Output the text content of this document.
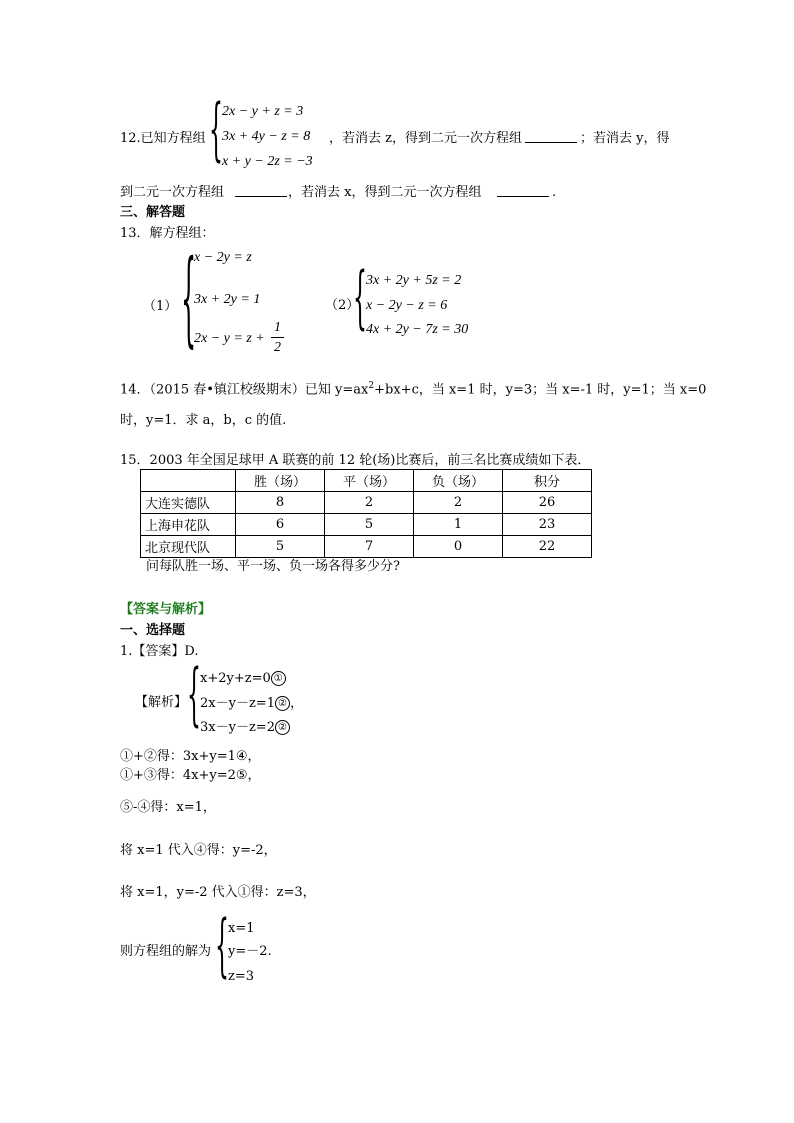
{ 2x − y + z = 3
3x + 4y − z = 8
x + y − 2z = −3
12.已知方程组	，若消去 z，得到二元一次方程组	；若消去 y，得
到二元一次方程组	，若消去 x，得到二元一次方程组	.
三、解答题
13．解方程组：
（1） {
x − 2y = z
3x + 2y = 1
2x − y = z +
1
2
（2）
{ 3x + 2y + 5z = 2
x − 2y − z = 6
4x + 2y − 7z = 30
14．（2015 春•镇江校级期末）已知 $y=ax^2+bx+c$，当 x=1 时，y=3；当 x=-1 时，y=1；当 x=0
时，y=1．求 a，b，c 的值.
15．2003 年全国足球甲 A 联赛的前 12 轮(场)比赛后，前三名比赛成绩如下表．
	胜（场）	平（场）	负（场）	积分
大连实德队	8	2	2	26
上海申花队	6	5	1	23
北京现代队	5	7	0	22
问每队胜一场、平一场、负一场各得多少分?
【答案与解析】
一、选择题
1.【答案】D.
【解析】 { x+2y+z=0 ①
2x－y－z=1 ② ，
3x－y－z=2 ②
①+②得：3x+y=1④，
①+③得：4x+y=2⑤，
⑤-④得：x=1，
将 x=1 代入④得：y=-2，
将 x=1，y=-2 代入①得：z=3，
则方程组的解为 { x=1
y=－2.
z=3
